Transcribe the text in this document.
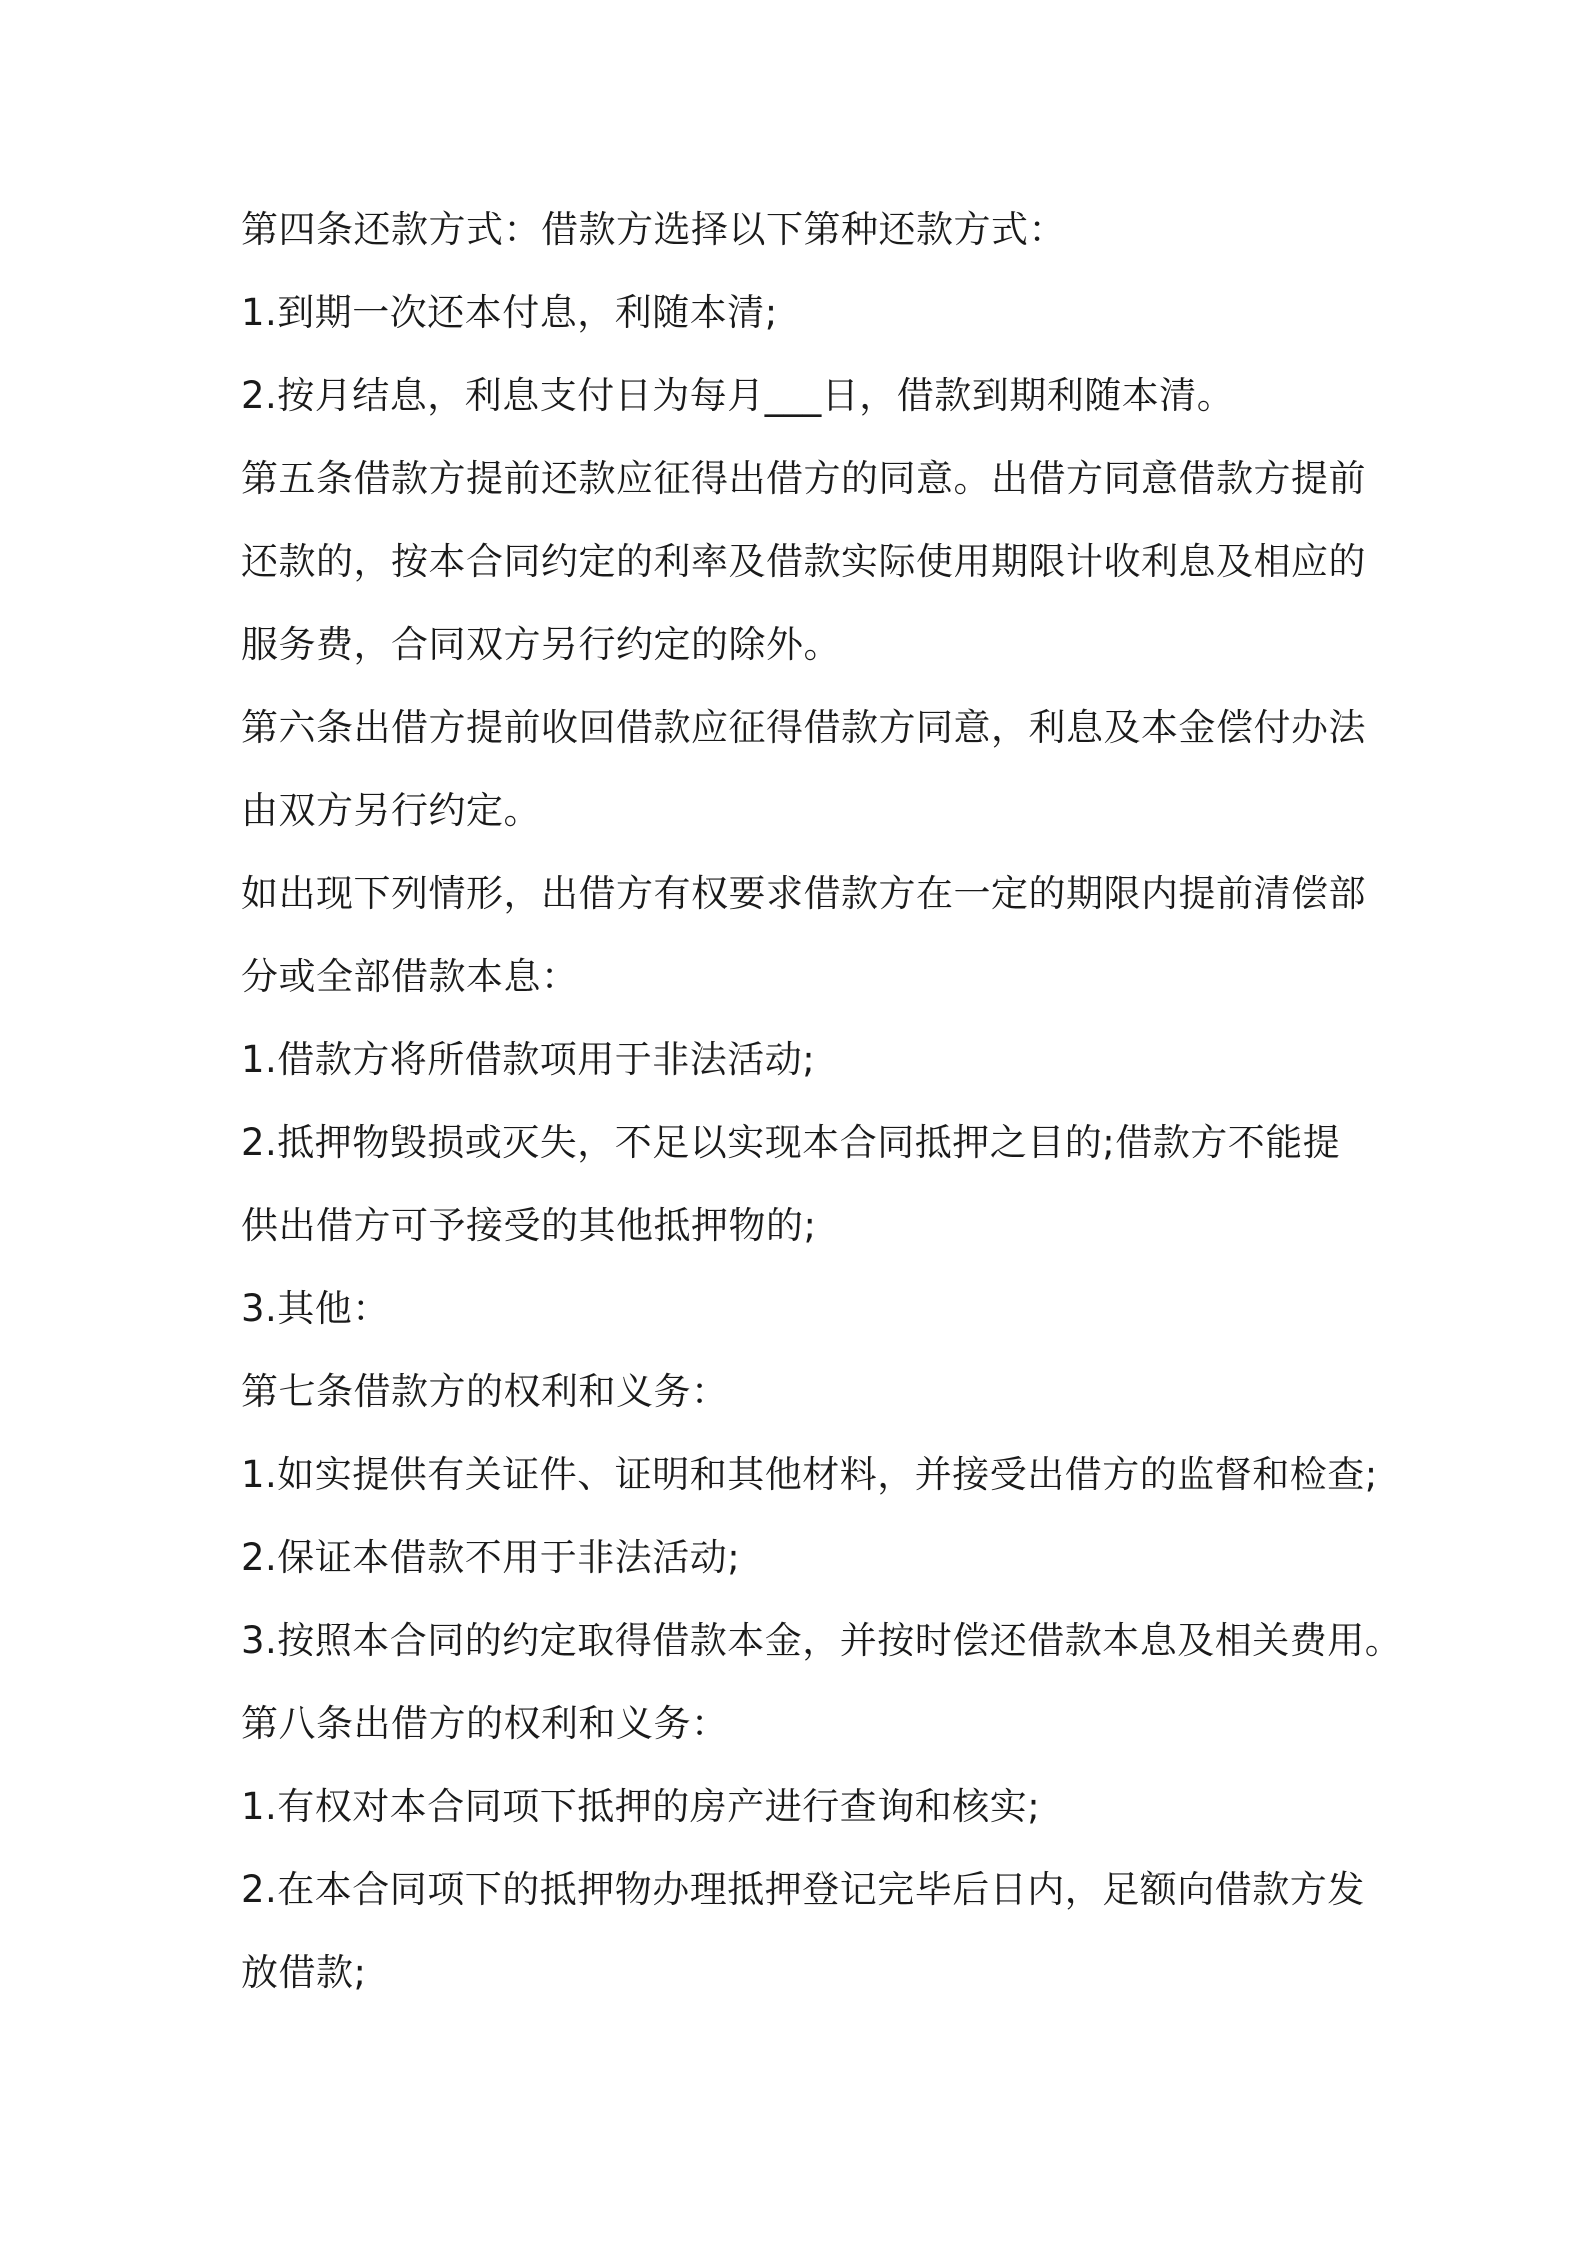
第四条还款方式：借款方选择以下第种还款方式：
1.到期一次还本付息，利随本清;
2.按月结息，利息支付日为每月___日，借款到期利随本清。
第五条借款方提前还款应征得出借方的同意。出借方同意借款方提前
还款的，按本合同约定的利率及借款实际使用期限计收利息及相应的
服务费，合同双方另行约定的除外。
第六条出借方提前收回借款应征得借款方同意，利息及本金偿付办法
由双方另行约定。
如出现下列情形，出借方有权要求借款方在一定的期限内提前清偿部
分或全部借款本息：
1.借款方将所借款项用于非法活动;
2.抵押物毁损或灭失，不足以实现本合同抵押之目的;借款方不能提
供出借方可予接受的其他抵押物的;
3.其他：
第七条借款方的权利和义务：
1.如实提供有关证件、证明和其他材料，并接受出借方的监督和检查;
2.保证本借款不用于非法活动;
3.按照本合同的约定取得借款本金，并按时偿还借款本息及相关费用。
第八条出借方的权利和义务：
1.有权对本合同项下抵押的房产进行查询和核实;
2.在本合同项下的抵押物办理抵押登记完毕后日内，足额向借款方发
放借款;
